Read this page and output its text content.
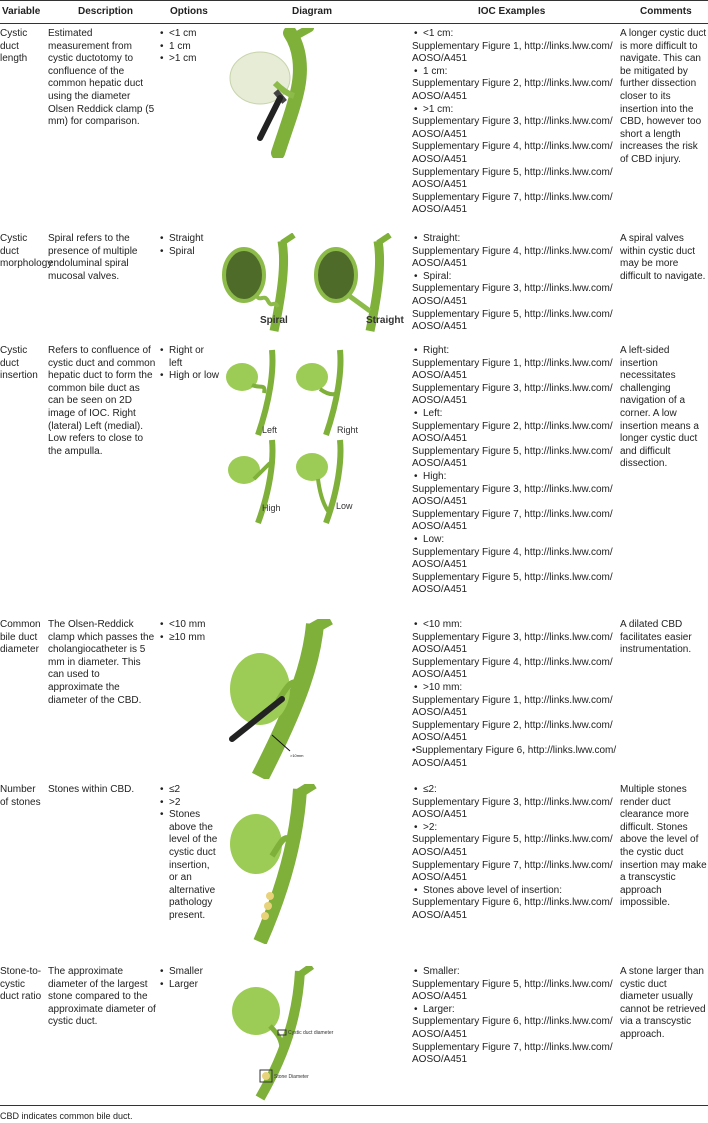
Variable	Description	Options	Diagram	IOC Examples	Comments
Cystic duct length
Estimated measurement from cystic ductotomy to confluence of the common hepatic duct using the diameter Olsen Reddick clamp (5 mm) for comparison.
• <1 cm
• 1 cm
• >1 cm
• <1 cm:
Supplementary Figure 1, http://links.lww.com/ AOSO/A451
• 1 cm:
Supplementary Figure 2, http://links.lww.com/ AOSO/A451
• >1 cm:
Supplementary Figure 3, http://links.lww.com/ AOSO/A451
Supplementary Figure 4, http://links.lww.com/ AOSO/A451
Supplementary Figure 5, http://links.lww.com/ AOSO/A451
Supplementary Figure 7, http://links.lww.com/ AOSO/A451
A longer cystic duct is more difficult to navigate. This can be mitigated by further dissection closer to its insertion into the CBD, however too short a length increases the risk of CBD injury.
Cystic duct morphology
Spiral refers to the presence of multiple endoluminal spiral mucosal valves.
• Straight
• Spiral
Spiral	Straight
• Straight:
Supplementary Figure 4, http://links.lww.com/ AOSO/A451
• Spiral:
Supplementary Figure 3, http://links.lww.com/ AOSO/A451
Supplementary Figure 5, http://links.lww.com/ AOSO/A451
A spiral valves within cystic duct may be more difficult to navigate.
Cystic duct insertion
Refers to confluence of cystic duct and common hepatic duct to form the common bile duct as can be seen on 2D image of IOC. Right (lateral) Left (medial). Low refers to close to the ampulla.
• Right or left
• High or low
Left	Right
High	Low
• Right:
Supplementary Figure 1, http://links.lww.com/ AOSO/A451
Supplementary Figure 3, http://links.lww.com/ AOSO/A451
• Left:
Supplementary Figure 2, http://links.lww.com/ AOSO/A451
Supplementary Figure 5, http://links.lww.com/ AOSO/A451
• High:
Supplementary Figure 3, http://links.lww.com/ AOSO/A451
Supplementary Figure 7, http://links.lww.com/ AOSO/A451
• Low:
Supplementary Figure 4, http://links.lww.com/ AOSO/A451
Supplementary Figure 5, http://links.lww.com/ AOSO/A451
A left-sided insertion necessitates challenging navigation of a corner. A low insertion means a longer cystic duct and difficult dissection.
Common bile duct diameter
The Olsen-Reddick clamp which passes the cholangiocatheter is 5 mm in diameter. This can used to approximate the diameter of the CBD.
• <10 mm
• ≥10 mm
>10mm
• <10 mm:
Supplementary Figure 3, http://links.lww.com/ AOSO/A451
Supplementary Figure 4, http://links.lww.com/ AOSO/A451
• >10 mm:
Supplementary Figure 1, http://links.lww.com/ AOSO/A451
Supplementary Figure 2, http://links.lww.com/ AOSO/A451
•Supplementary Figure 6, http://links.lww.com/ AOSO/A451
A dilated CBD facilitates easier instrumentation.
Number of stones
Stones within CBD.
•	≤2
• >2
• Stones above the level of the cystic duct insertion, or an alternative pathology present.
• ≤2:
Supplementary Figure 3, http://links.lww.com/ AOSO/A451
• >2:
Supplementary Figure 5, http://links.lww.com/ AOSO/A451
Supplementary Figure 7, http://links.lww.com/ AOSO/A451
• Stones above level of insertion:
Supplementary Figure 6, http://links.lww.com/ AOSO/A451
Multiple stones render duct clearance more difficult. Stones above the level of the cystic duct insertion may make a transcystic approach impossible.
Stone-to-cystic duct ratio
The approximate diameter of the largest stone compared to the approximate diameter of cystic duct.
• Smaller
• Larger
Cystic duct diameter
Stone Diameter
• Smaller:
Supplementary Figure 5, http://links.lww.com/ AOSO/A451
• Larger:
Supplementary Figure 6, http://links.lww.com/ AOSO/A451
Supplementary Figure 7, http://links.lww.com/ AOSO/A451
A stone larger than cystic duct diameter usually cannot be retrieved via a transcystic approach.
CBD indicates common bile duct.
